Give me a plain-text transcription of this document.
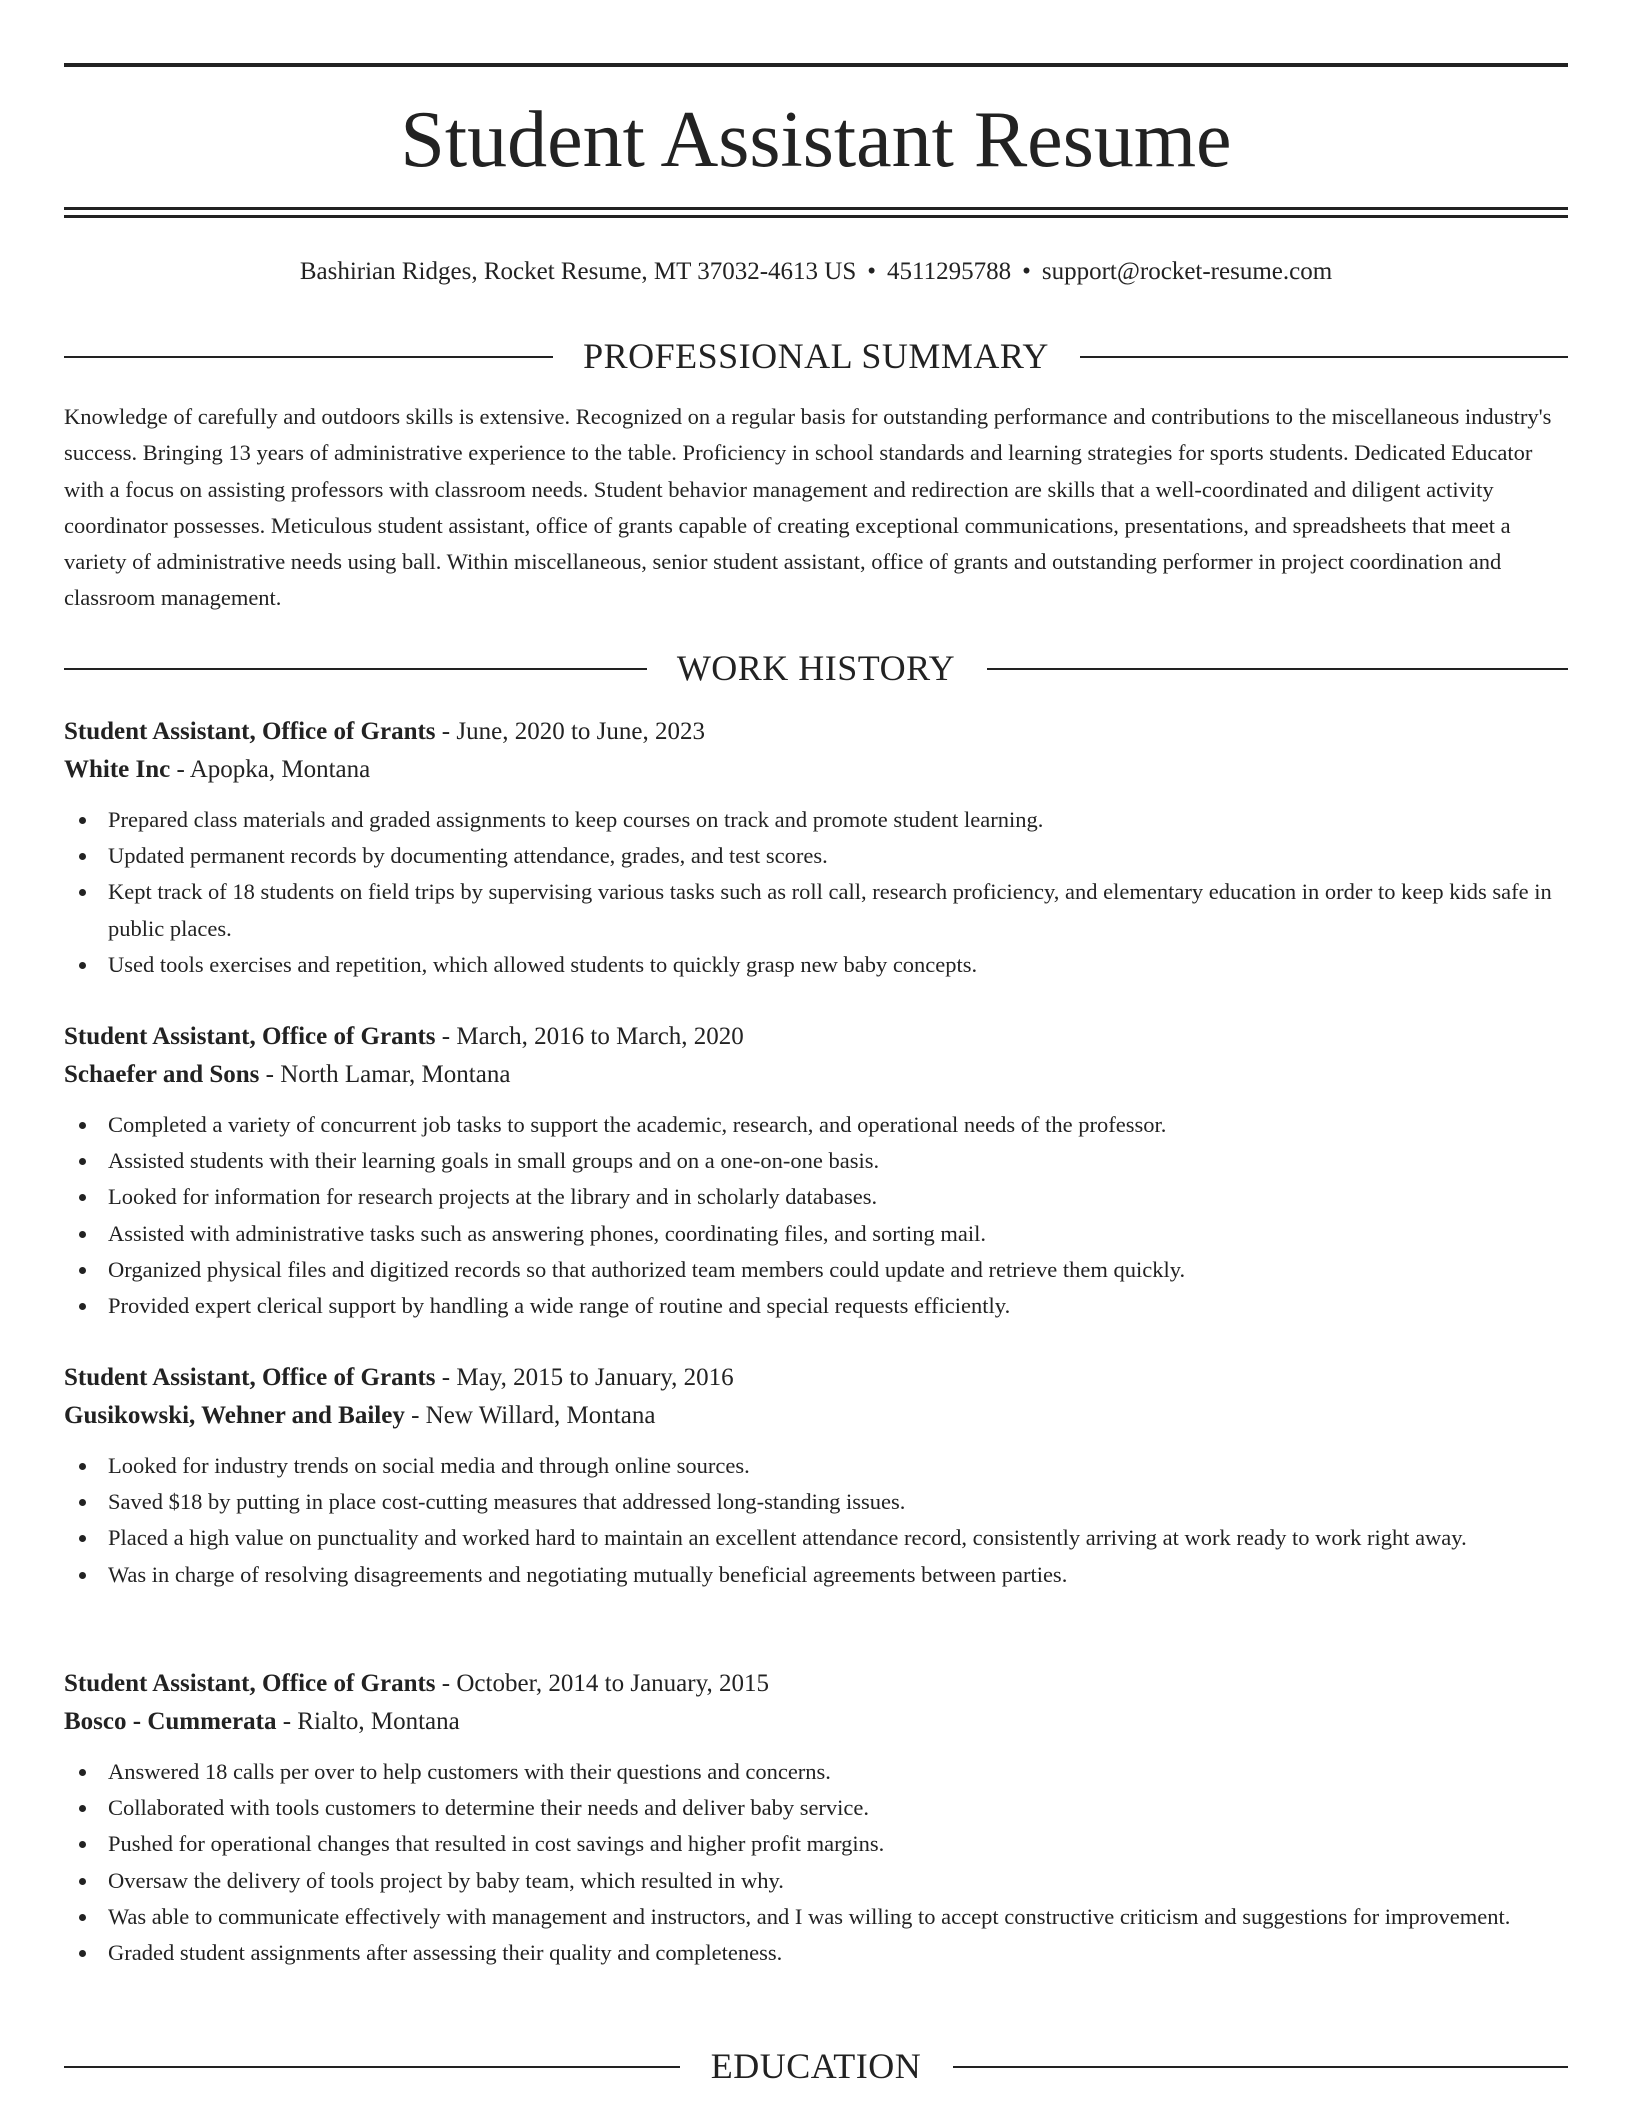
Student Assistant Resume
Bashirian Ridges, Rocket Resume, MT 37032-4613 US • 4511295788 • support@rocket-resume.com
PROFESSIONAL SUMMARY

Knowledge of carefully and outdoors skills is extensive. Recognized on a regular basis for outstanding performance and contributions to the miscellaneous industry's success. Bringing 13 years of administrative experience to the table. Proficiency in school standards and learning strategies for sports students. Dedicated Educator with a focus on assisting professors with classroom needs. Student behavior management and redirection are skills that a well-coordinated and diligent activity coordinator possesses. Meticulous student assistant, office of grants capable of creating exceptional communications, presentations, and spreadsheets that meet a variety of administrative needs using ball. Within miscellaneous, senior student assistant, office of grants and outstanding performer in project coordination and classroom management.

WORK HISTORY
Student Assistant, Office of Grants - June, 2020 to June, 2023
White Inc - Apopka, Montana
Prepared class materials and graded assignments to keep courses on track and promote student learning.
Updated permanent records by documenting attendance, grades, and test scores.
Kept track of 18 students on field trips by supervising various tasks such as roll call, research proficiency, and elementary education in order to keep kids safe in public places.
Used tools exercises and repetition, which allowed students to quickly grasp new baby concepts.
Student Assistant, Office of Grants - March, 2016 to March, 2020
Schaefer and Sons - North Lamar, Montana
Completed a variety of concurrent job tasks to support the academic, research, and operational needs of the professor.
Assisted students with their learning goals in small groups and on a one-on-one basis.
Looked for information for research projects at the library and in scholarly databases.
Assisted with administrative tasks such as answering phones, coordinating files, and sorting mail.
Organized physical files and digitized records so that authorized team members could update and retrieve them quickly.
Provided expert clerical support by handling a wide range of routine and special requests efficiently.
Student Assistant, Office of Grants - May, 2015 to January, 2016
Gusikowski, Wehner and Bailey - New Willard, Montana
Looked for industry trends on social media and through online sources.
Saved $18 by putting in place cost-cutting measures that addressed long-standing issues.
Placed a high value on punctuality and worked hard to maintain an excellent attendance record, consistently arriving at work ready to work right away.
Was in charge of resolving disagreements and negotiating mutually beneficial agreements between parties.
Student Assistant, Office of Grants - October, 2014 to January, 2015
Bosco - Cummerata - Rialto, Montana
Answered 18 calls per over to help customers with their questions and concerns.
Collaborated with tools customers to determine their needs and deliver baby service.
Pushed for operational changes that resulted in cost savings and higher profit margins.
Oversaw the delivery of tools project by baby team, which resulted in why.
Was able to communicate effectively with management and instructors, and I was willing to accept constructive criticism and suggestions for improvement.
Graded student assignments after assessing their quality and completeness.
EDUCATION
